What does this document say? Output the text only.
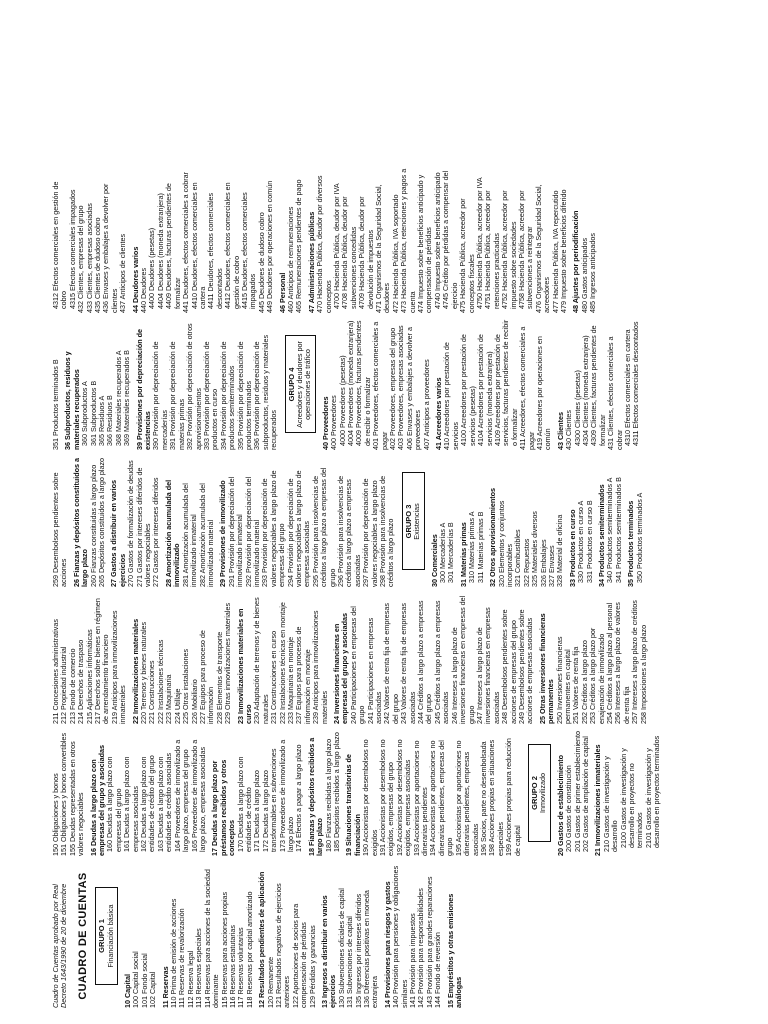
Cuadro de Cuentas aprobado por Real Decreto 1643/1990 de 20 de diciembre CUADRO DE CUENTAS GRUPO 1 Financiación básica
10 Capital 100 Capital social 101 Fondo social 102 Capital 11 Reservas 110 Prima de emisión de acciones 111 Reservas de revalorización 112 Reserva legal 113 Reservas especiales 114 Reservas para acciones de la sociedad dominante 115 Reservas para acciones propias 116 Reservas estatutarias 117 Reservas voluntarias 118 Reservas por capital amortizado 12 Resultados pendientes de aplicación 120 Remanente 121 Resultados negativos de ejercicios anteriores 122 Aportaciones de socios para compensación de pérdidas 129 Pérdidas y ganancias 13 Ingresos a distribuir en varios ejercicios 130 Subvenciones oficiales de capital 131 Subvenciones de capital 135 Ingresos por intereses diferidos 136 Diferencias positivas en moneda extranjera 14 Provisiones para riesgos y gastos 140 Provisión para pensiones y obligaciones similares 141 Provisión para impuestos 142 Provisión para responsabilidades 143 Provisión para grandes reparaciones 144 Fondo de reversión 15 Empréstitos y otras emisiones análogas
150 Obligaciones y bonos 151 Obligaciones y bonos convertibles 155 Deudas representadas en otros valores negociables 16 Deudas a largo plazo con empresas del grupo y asociadas 160 Deudas a largo plazo con empresas del grupo 161 Deudas a largo plazo con empresas asociadas 162 Deudas a largo plazo con entidades de crédito del grupo 163 Deudas a largo plazo con entidades de crédito asociadas 164 Proveedores de inmovilizado a largo plazo, empresas del grupo 165 Proveedores de inmovilizado a largo plazo, empresas asociadas 17 Deudas a largo plazo por préstamos recibidos y otros conceptos 170 Deudas a largo plazo con entidades de crédito 171 Deudas a largo plazo 172 Deudas a largo plazo transformables en subvenciones 173 Proveedores de inmovilizado a largo plazo 174 Efectos a pagar a largo plazo 18 Fianzas y depósitos recibidos a largo plazo 180 Fianzas recibidas a largo plazo 185 Depósitos recibidos a largo plazo 19 Situaciones transitorias de financiación 190 Accionistas por desembolsos no exigidos 191 Accionistas por desembolsos no exigidos, empresas del grupo 192 Accionistas por desembolsos no exigidos, empresas asociadas 193 Accionistas por aportaciones no dinerarias pendientes 194 Accionistas por aportaciones no dinerarias pendientes, empresas del grupo 195 Accionistas por aportaciones no dinerarias pendientes, empresas asociadas 196 Socios, parte no desembolsada 198 Acciones propias en situaciones especiales 199 Acciones propias para reducción de capital
GRUPO 2 Inmovilizado 20 Gastos de establecimiento 200 Gastos de constitución 201 Gastos de primer establecimiento 202 Gastos de ampliación de capital 21 Inmovilizaciones inmateriales 210 Gastos de investigación y desarrollo 2100 Gastos de investigación y desarrollo en proyectos no terminados 2101 Gastos de investigación y desarrollo en proyectos terminados
211 Concesiones administrativas 212 Propiedad industrial 213 Fondo de comercio 214 Derechos de traspaso 215 Aplicaciones informáticas 217 Derechos sobre bienes en régimen de arrendamiento financiero 219 Anticipos para inmovilizaciones inmateriales 22 Inmovilizaciones materiales 220 Terrenos y bienes naturales 221 Construcciones 222 Instalaciones técnicas 223 Maquinaria 224 Utillaje 225 Otras instalaciones 226 Mobiliario 227 Equipos para proceso de información 228 Elementos de transporte 229 Otras inmovilizaciones materiales 23 Inmovilizaciones materiales en curso 230 Adaptación de terrenos y de bienes naturales 231 Construcciones en curso 232 Instalaciones técnicas en montaje 233 Maquinaria en montaje 237 Equipos para procesos de información en montaje 239 Anticipos para inmovilizaciones materiales 24 Inversiones financieras en empresas del grupo y asociadas 240 Participaciones en empresas del grupo 241 Participaciones en empresas asociadas 242 Valores de renta fija de empresas del grupo 243 Valores de renta fija de empresas asociadas 244 Créditos a largo plazo a empresas del grupo 245 Créditos a largo plazo a empresas asociadas 246 Intereses a largo plazo de inversiones financieras en empresas del grupo 247 Intereses a largo plazo de inversiones financieras en empresas asociadas 248 Desembolsos pendientes sobre acciones de empresas del grupo 249 Desembolsos pendientes sobre acciones de empresas asociadas 25 Otras inversiones financieras permanentes 250 Inversiones financieras permanentes en capital 251 Valores de renta fija 252 Créditos a largo plazo 253 Créditos a largo plazo por enajenación de inmovilizado 254 Créditos a largo plazo al personal 256 Intereses a largo plazo de valores de renta fija 257 Intereses a largo plazo de créditos 258 Imposiciones a largo plazo
259 Desembolsos pendientes sobre acciones 26 Fianzas y depósitos constituidos a largo plazo 260 Fianzas constituidas a largo plazo 265 Depósitos constituidos a largo plazo 27 Gastos a distribuir en varios ejercicios 270 Gastos de formalización de deudas 271 Gastos por intereses diferidos de valores negociables 272 Gastos por intereses diferidos 28 Amortización acumulada del inmovilizado 281 Amortización acumulada del inmovilizado inmaterial 282 Amortización acumulada del inmovilizado material 29 Provisiones de inmovilizado 291 Provisión por depreciación del inmovilizado inmaterial 292 Provisión por depreciación del inmovilizado material 293 Provisión por depreciación de valores negociables a largo plazo de empresas del grupo 294 Provisión por depreciación de valores negociables a largo plazo de empresas asociadas 295 Provisión para insolvencias de créditos a largo plazo a empresas del grupo 296 Provisión para insolvencias de créditos a largo plazo a empresas asociadas 297 Provisión por depreciación de valores negociables a largo plazo 298 Provisión para insolvencias de créditos a largo plazo GRUPO 3 Existencias
30 Comerciales 300 Mercaderías A 301 Mercaderías B 31 Materias primas 310 Materias primas A 311 Materias primas B 32 Otros aprovisionamientos 320 Elementos y conjuntos incorporables 321 Combustibles 322 Repuestos 325 Materiales diversos 326 Embalajes 327 Envases 328 Material de oficina 33 Productos en curso 330 Productos en curso A 331 Productos en curso B 34 Productos semiterminados 340 Productos semiterminados A 341 Productos semiterminados B 35 Productos terminados 350 Productos terminados A
351 Productos terminados B 36 Subproductos, residuos y materiales recuperados 360 Subproductos A 361 Subproductos B 365 Residuos A 366 Residuos B 368 Materiales recuperados A 369 Materiales recuperados B 39 Provisiones por depreciación de existencias 390 Provisión por depreciación de mercaderías 391 Provisión por depreciación de materias primas 392 Provisión por depreciación de otros aprovisionamientos 393 Provisión por depreciación de productos en curso 394 Provisión por depreciación de productos semiterminados 395 Provisión por depreciación de productos terminados 396 Provisión por depreciación de subproductos, residuos y materiales recuperados
GRUPO 4 Acreedores y deudores por operaciones de tráfico
40 Proveedores 400 Proveedores 4000 Proveedores (pesetas) 4004 Proveedores (moneda extranjera) 4009 Proveedores, facturas pendientes de recibir o formalizar 401 Proveedores, efectos comerciales a pagar 402 Proveedores, empresas del grupo 403 Proveedores, empresas asociadas 406 Envases y embalajes a devolver a proveedores 407 Anticipos a proveedores 41 Acreedores varios 410 Acreedores por prestación de servicios 4100 Acreedores por prestación de servicios (pesetas) 4104 Acreedores por prestación de servicios (moneda extranjera) 4109 Acreedores por prestación de servicios, facturas pendientes de recibir o formalizar 411 Acreedores, efectos comerciales a pagar 419 Acreedores por operaciones en común 43 Clientes 430 Clientes 4300 Clientes (pesetas) 4304 Clientes (moneda extranjera) 4309 Clientes, facturas pendientes de formalizar 431 Clientes, efectos comerciales a cobrar 4310 Efectos comerciales en cartera 4311 Efectos comerciales descontados
4312 Efectos comerciales en gestión de cobro 4315 Efectos comerciales impagados 432 Clientes, empresas del grupo 433 Clientes, empresas asociadas 435 Clientes de dudoso cobro 436 Envases y embalajes a devolver por clientes 437 Anticipos de clientes 44 Deudores varios 440 Deudores 4400 Deudores (pesetas) 4404 Deudores (moneda extranjera) 4409 Deudores, facturas pendientes de formalizar 441 Deudores, efectos comerciales a cobrar 4410 Deudores, efectos comerciales en cartera 4411 Deudores, efectos comerciales descontados 4412 Deudores, efectos comerciales en gestión de cobro 4415 Deudores, efectos comerciales impagados 445 Deudores de dudoso cobro 449 Deudores por operaciones en común 46 Personal 460 Anticipos de remuneraciones 465 Remuneraciones pendientes de pago 47 Administraciones públicas 470 Hacienda Pública, deudor por diversos conceptos 4700 Hacienda Pública, deudor por IVA 4708 Hacienda Pública, deudor por subvenciones concedidas 4709 Hacienda Pública, deudor por devolución de impuestos 471 Organismos de la Seguridad Social, deudores 472 Hacienda Pública, IVA soportado 473 Hacienda Pública, retenciones y pagos a cuenta 474 Impuesto sobre beneficios anticipado y compensación de pérdidas 4740 Impuesto sobre beneficios anticipado 4745 Crédito por pérdidas a compensar del ejercicio 475 Hacienda Pública, acreedor por conceptos fiscales 4750 Hacienda Pública, acreedor por IVA 4751 Hacienda Pública, acreedor por retenciones practicadas 4752 Hacienda Pública, acreedor por impuesto sobre sociedades 4758 Hacienda Pública, acreedor por subvenciones a reintegrar 476 Organismos de la Seguridad Social, acreedores 477 Hacienda Pública, IVA repercutido 479 Impuesto sobre beneficios diferido 48 Ajustes por periodificación 480 Gastos anticipados 485 Ingresos anticipados
